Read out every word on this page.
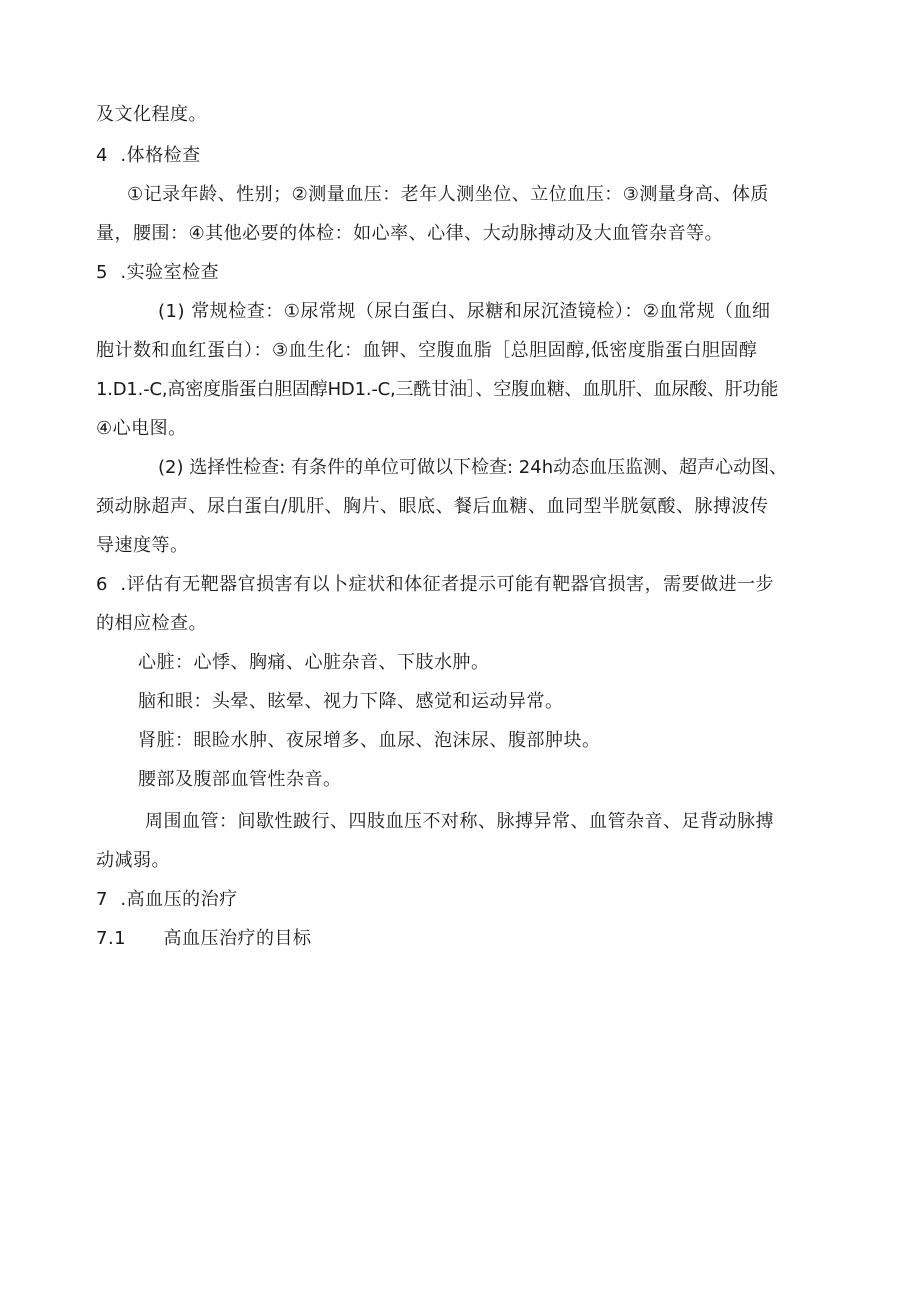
及文化程度。
4  .体格检查
①记录年龄、性别；②测量血压：老年人测坐位、立位血压：③测量身高、体质
量，腰围：④其他必要的体检：如心率、心律、大动脉搏动及大血管杂音等。
5  .实验室检查
(1) 常规检查：①尿常规（尿白蛋白、尿糖和尿沉渣镜检）：②血常规（血细
胞计数和血红蛋白）：③血生化：血钾、空腹血脂［总胆固醇,低密度脂蛋白胆固醇
1.D1.-C,高密度脂蛋白胆固醇HD1.-C,三酰甘油］、空腹血糖、血肌肝、血尿酸、肝功能
④心电图。
(2) 选择性检查: 有条件的单位可做以下检查: 24h动态血压监测、超声心动图、
颈动脉超声、尿白蛋白/肌肝、胸片、眼底、餐后血糖、血同型半胱氨酸、脉搏波传
导速度等。
6  .评估有无靶器官损害有以卜症状和体征者提示可能有靶器官损害，需要做进一步
的相应检查。
心脏：心悸、胸痛、心脏杂音、下肢水肿。
脑和眼：头晕、眩晕、视力下降、感觉和运动异常。
肾脏：眼睑水肿、夜尿增多、血尿、泡沫尿、腹部肿块。
腰部及腹部血管性杂音。
周围血管：间歇性跛行、四肢血压不对称、脉搏异常、血管杂音、足背动脉搏
动减弱。
7  .高血压的治疗
7.1      高血压治疗的目标
